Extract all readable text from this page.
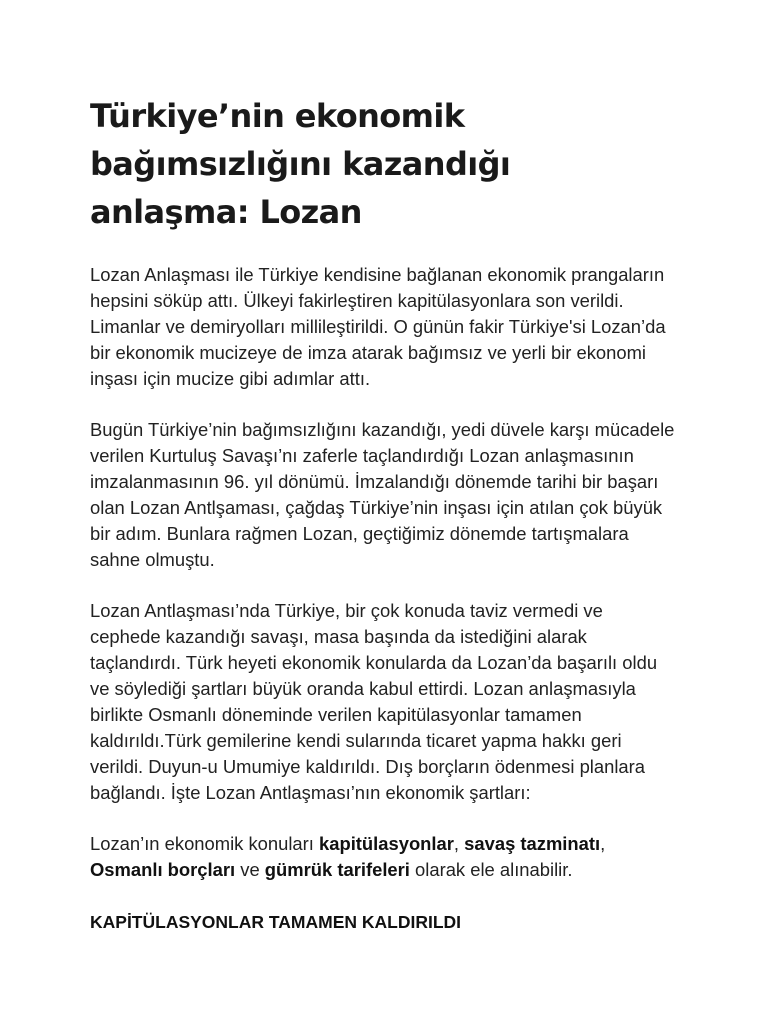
Türkiye’nin ekonomik bağımsızlığını kazandığı anlaşma: Lozan

Lozan Anlaşması ile Türkiye kendisine bağlanan ekonomik prangaların hepsini söküp attı. Ülkeyi fakirleştiren kapitülasyonlara son verildi. Limanlar ve demiryolları millileştirildi. O günün fakir Türkiye'si Lozan’da bir ekonomik mucizeye de imza atarak bağımsız ve yerli bir ekonomi inşası için mucize gibi adımlar attı.

Bugün Türkiye’nin bağımsızlığını kazandığı, yedi düvele karşı mücadele verilen Kurtuluş Savaşı’nı zaferle taçlandırdığı Lozan anlaşmasının imzalanmasının 96. yıl dönümü. İmzalandığı dönemde tarihi bir başarı olan Lozan Antlşaması, çağdaş Türkiye’nin inşası için atılan çok büyük bir adım. Bunlara rağmen Lozan, geçtiğimiz dönemde tartışmalara sahne olmuştu.

Lozan Antlaşması’nda Türkiye, bir çok konuda taviz vermedi ve cephede kazandığı savaşı, masa başında da istediğini alarak taçlandırdı. Türk heyeti ekonomik konularda da Lozan’da başarılı oldu ve söylediği şartları büyük oranda kabul ettirdi. Lozan anlaşmasıyla birlikte Osmanlı döneminde verilen kapitülasyonlar tamamen kaldırıldı.Türk gemilerine kendi sularında ticaret yapma hakkı geri verildi. Duyun-u Umumiye kaldırıldı. Dış borçların ödenmesi planlara bağlandı. İşte Lozan Antlaşması’nın ekonomik şartları:

Lozan’ın ekonomik konuları kapitülasyonlar, savaş tazminatı, Osmanlı borçları ve gümrük tarifeleri olarak ele alınabilir.

KAPİTÜLASYONLAR TAMAMEN KALDIRILDI
